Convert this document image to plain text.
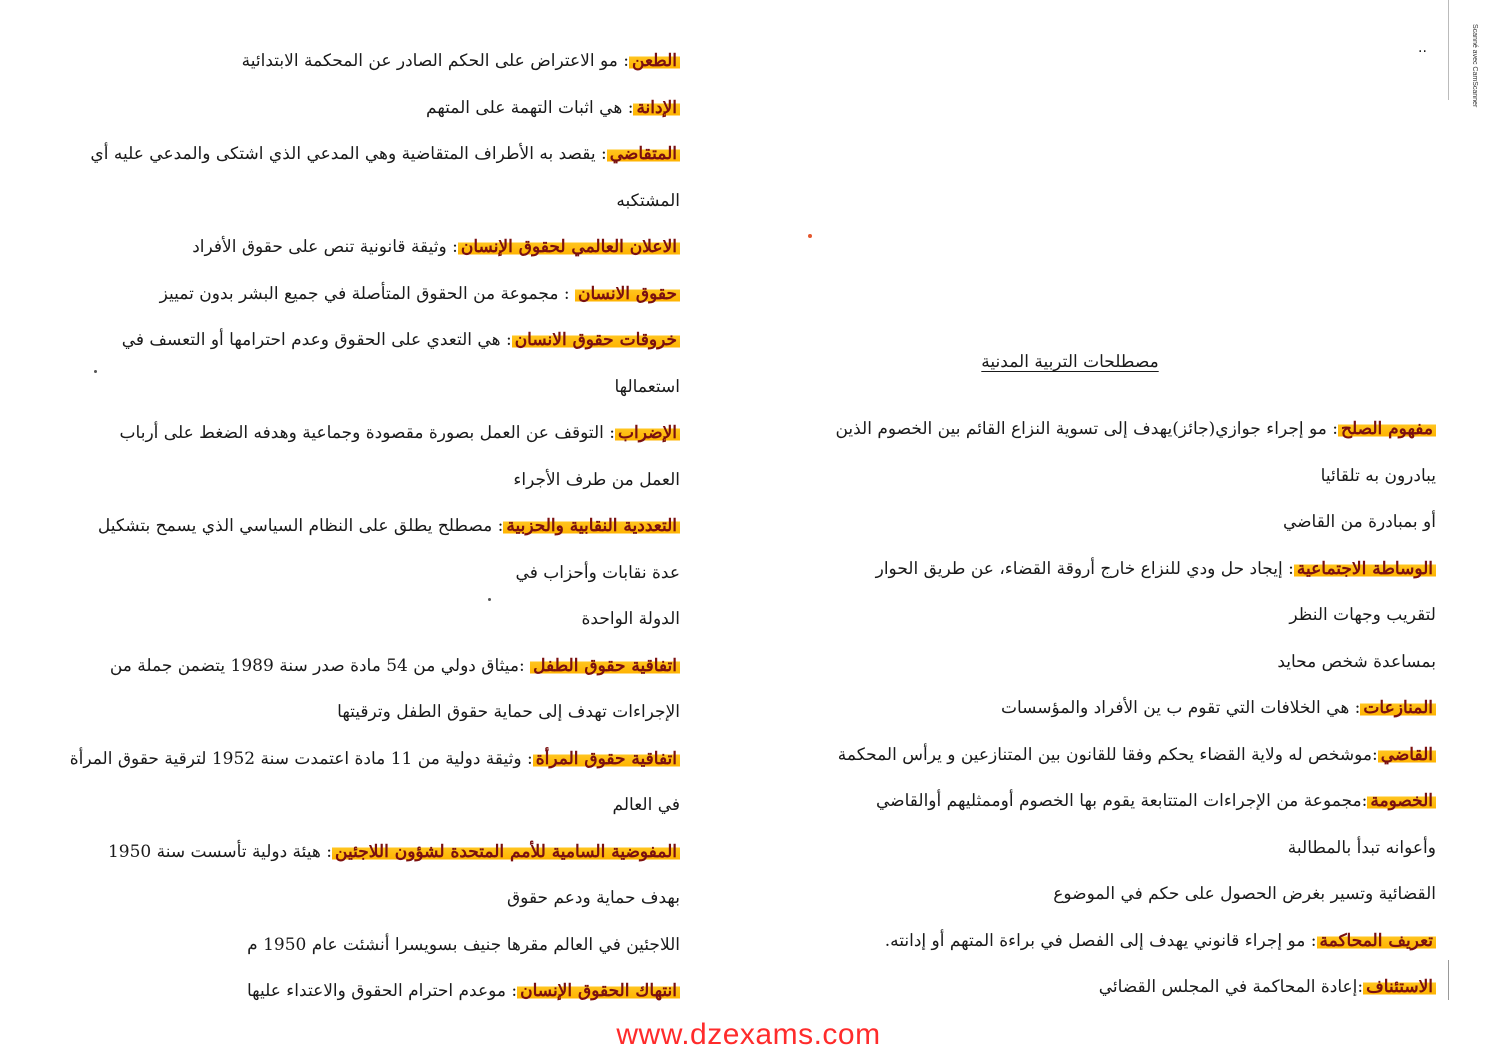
Scanné avec CamScanner
..
الطعن: مو الاعتراض على الحكم الصادر عن المحكمة الابتدائية
الإدانة: هي اثبات التهمة على المتهم
المتقاضي: يقصد به الأطراف المتقاضية وهي المدعي الذي اشتكى والمدعي عليه أي
المشتكبه
الاعلان العالمي لحقوق الإنسان: وثيقة قانونية تنص على حقوق الأفراد
حقوق الانسان : مجموعة من الحقوق المتأصلة في جميع البشر بدون تمييز
خروقات حقوق الانسان: هي التعدي على الحقوق وعدم احترامها أو التعسف في
استعمالها
الإضراب: التوقف عن العمل بصورة مقصودة وجماعية وهدفه الضغط على أرباب
العمل من طرف الأجراء
التعددية النقابية والحزبية: مصطلح يطلق على النظام السياسي الذي يسمح بتشكيل
عدة نقابات وأحزاب في
الدولة الواحدة
اتفاقية حقوق الطفل :ميثاق دولي من 54 مادة صدر سنة 1989 يتضمن جملة من
الإجراءات تهدف إلى حماية حقوق الطفل وترقيتها
اتفاقية حقوق المرأة: وثيقة دولية من 11 مادة اعتمدت سنة 1952 لترقية حقوق المرأة
في العالم
المفوضية السامية للأمم المتحدة لشؤون اللاجئين: هيئة دولية تأسست سنة 1950
بهدف حماية ودعم حقوق
اللاجئين في العالم مقرها جنيف بسويسرا أنشئت عام 1950 م
انتهاك الحقوق الإنسان: موعدم احترام الحقوق والاعتداء عليها
مصطلحات التربية المدنية
مفهوم الصلح: مو إجراء جوازي(جائز)يهدف إلى تسوية النزاع القائم بين الخصوم الذين
يبادرون به تلقائيا
أو بمبادرة من القاضي
الوساطة الاجتماعية: إيجاد حل ودي للنزاع خارج أروقة القضاء، عن طريق الحوار
لتقريب وجهات النظر
بمساعدة شخص محايد
المنازعات: هي الخلافات التي تقوم ب ين الأفراد والمؤسسات
القاضي:موشخص له ولاية القضاء يحكم وفقا للقانون بين المتنازعين و يرأس المحكمة
الخصومة:مجموعة من الإجراءات المتتابعة يقوم بها الخصوم أوممثليهم أوالقاضي
وأعوانه تبدأ بالمطالبة
القضائية وتسير بغرض الحصول على حكم في الموضوع
تعريف المحاكمة: مو إجراء قانوني يهدف إلى الفصل في براءة المتهم أو إدانته.
الاستئناف:إعادة المحاكمة في المجلس القضائي
www.dzexams.com
